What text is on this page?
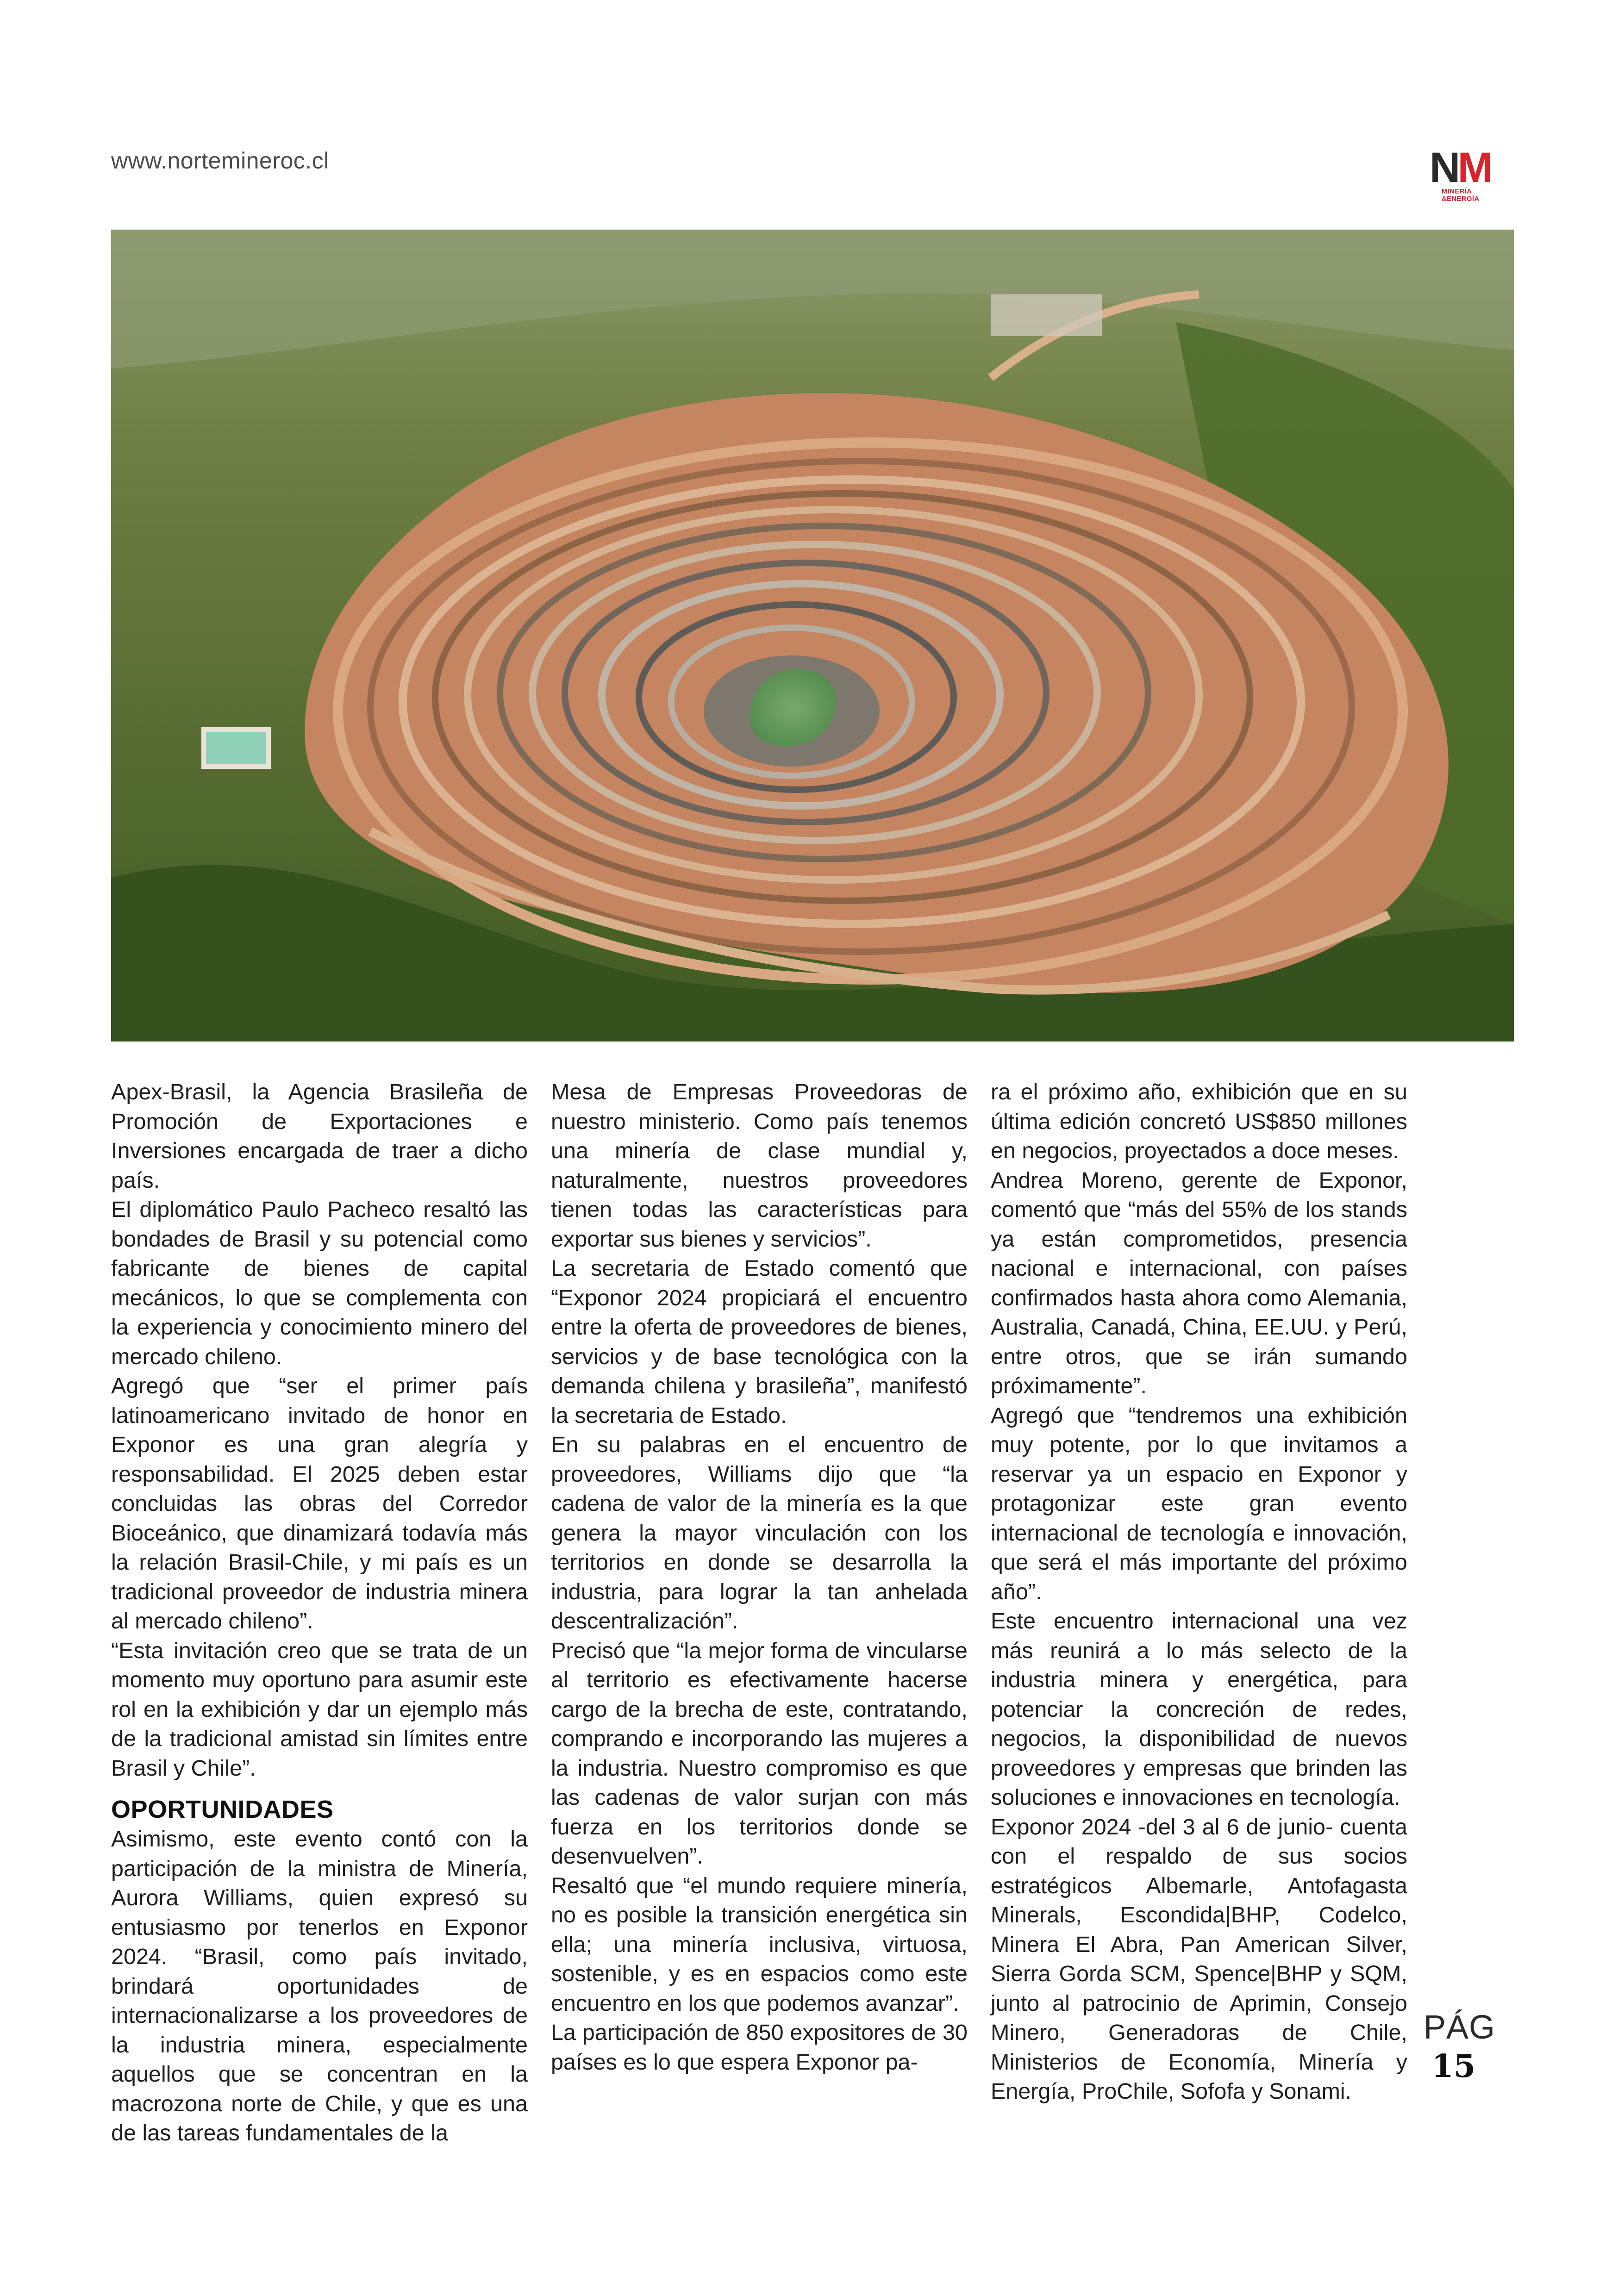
www.nortemineroc.cl	NM
MINERÍA
&ENERGÍA

Apex-Brasil, la Agencia Brasileña de Promoción de Exportaciones e Inversiones encargada de traer a dicho país.

El diplomático Paulo Pacheco resaltó las bondades de Brasil y su potencial como fabricante de bienes de capital mecánicos, lo que se complementa con la experiencia y conocimiento minero del mercado chileno.

Agregó que “ser el primer país latinoamericano invitado de honor en Exponor es una gran alegría y responsabilidad. El 2025 deben estar concluidas las obras del Corredor Bioceánico, que dinamizará todavía más la relación Brasil-Chile, y mi país es un tradicional proveedor de industria minera al mercado chileno”.

“Esta invitación creo que se trata de un momento muy oportuno para asumir este rol en la exhibición y dar un ejemplo más de la tradicional amistad sin límites entre Brasil y Chile”.

OPORTUNIDADES

Asimismo, este evento contó con la participación de la ministra de Minería, Aurora Williams, quien expresó su entusiasmo por tenerlos en Exponor 2024. “Brasil, como país invitado, brindará oportunidades de internacionalizarse a los proveedores de la industria minera, especialmente aquellos que se concentran en la macrozona norte de Chile, y que es una de las tareas fundamentales de la

Mesa de Empresas Proveedoras de nuestro ministerio. Como país tenemos una minería de clase mundial y, naturalmente, nuestros proveedores tienen todas las características para exportar sus bienes y servicios”.

La secretaria de Estado comentó que “Exponor 2024 propiciará el encuentro entre la oferta de proveedores de bienes, servicios y de base tecnológica con la demanda chilena y brasileña”, manifestó la secretaria de Estado.

En su palabras en el encuentro de proveedores, Williams dijo que “la cadena de valor de la minería es la que genera la mayor vinculación con los territorios en donde se desarrolla la industria, para lograr la tan anhelada descentralización”.

Precisó que “la mejor forma de vincularse al territorio es efectivamente hacerse cargo de la brecha de este, contratando, comprando e incorporando las mujeres a la industria. Nuestro compromiso es que las cadenas de valor surjan con más fuerza en los territorios donde se desenvuelven”.

Resaltó que “el mundo requiere minería, no es posible la transición energética sin ella; una minería inclusiva, virtuosa, sostenible, y es en espacios como este encuentro en los que podemos avanzar”.

La participación de 850 expositores de 30 países es lo que espera Exponor pa-

ra el próximo año, exhibición que en su última edición concretó US$850 millones en negocios, proyectados a doce meses.

Andrea Moreno, gerente de Exponor, comentó que “más del 55% de los stands ya están comprometidos, presencia nacional e internacional, con países confirmados hasta ahora como Alemania, Australia, Canadá, China, EE.UU. y Perú, entre otros, que se irán sumando próximamente”.

Agregó que “tendremos una exhibición muy potente, por lo que invitamos a reservar ya un espacio en Exponor y protagonizar este gran evento internacional de tecnología e innovación, que será el más importante del próximo año”.

Este encuentro internacional una vez más reunirá a lo más selecto de la industria minera y energética, para potenciar la concreción de redes, negocios, la disponibilidad de nuevos proveedores y empresas que brinden las soluciones e innovaciones en tecnología.

Exponor 2024 -del 3 al 6 de junio- cuenta con el respaldo de sus socios estratégicos Albemarle, Antofagasta Minerals, Escondida|BHP, Codelco, Minera El Abra, Pan American Silver, Sierra Gorda SCM, Spence|BHP y SQM, junto al patrocinio de Aprimin, Consejo Minero, Generadoras de Chile, Ministerios de Economía, Minería y Energía, ProChile, Sofofa y Sonami.

PÁG
15
